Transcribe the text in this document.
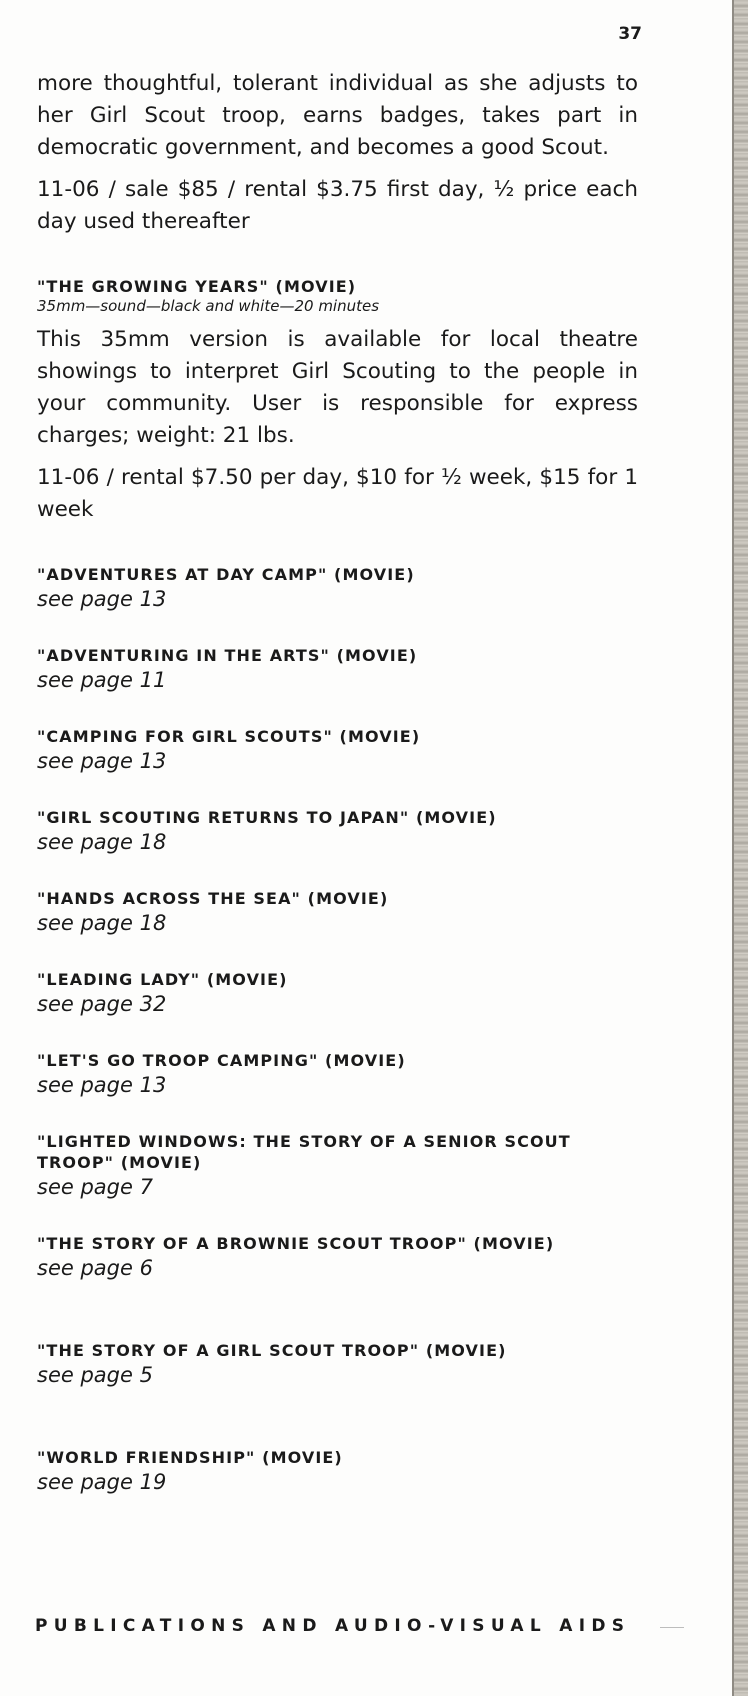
37

more thoughtful, tolerant individual as she adjusts to her Girl Scout troop, earns badges, takes part in democratic government, and becomes a good Scout.

11-06 / sale $85 / rental $3.75 first day, ½ price each day used thereafter

"THE GROWING YEARS" (MOVIE)

35mm—sound—black and white—20 minutes

This 35mm version is available for local theatre showings to interpret Girl Scouting to the people in your community. User is responsible for express charges; weight: 21 lbs.

11-06 / rental $7.50 per day, $10 for ½ week, $15 for 1 week

"ADVENTURES AT DAY CAMP" (MOVIE)

see page 13

"ADVENTURING IN THE ARTS" (MOVIE)

see page 11

"CAMPING FOR GIRL SCOUTS" (MOVIE)

see page 13

"GIRL SCOUTING RETURNS TO JAPAN" (MOVIE)

see page 18

"HANDS ACROSS THE SEA" (MOVIE)

see page 18

"LEADING LADY" (MOVIE)

see page 32

"LET'S GO TROOP CAMPING" (MOVIE)

see page 13

"LIGHTED WINDOWS: THE STORY OF A SENIOR SCOUT TROOP" (MOVIE)

see page 7

"THE STORY OF A BROWNIE SCOUT TROOP" (MOVIE)

see page 6

"THE STORY OF A GIRL SCOUT TROOP" (MOVIE)

see page 5

"WORLD FRIENDSHIP" (MOVIE)

see page 19

PUBLICATIONS AND AUDIO-VISUAL AIDS
